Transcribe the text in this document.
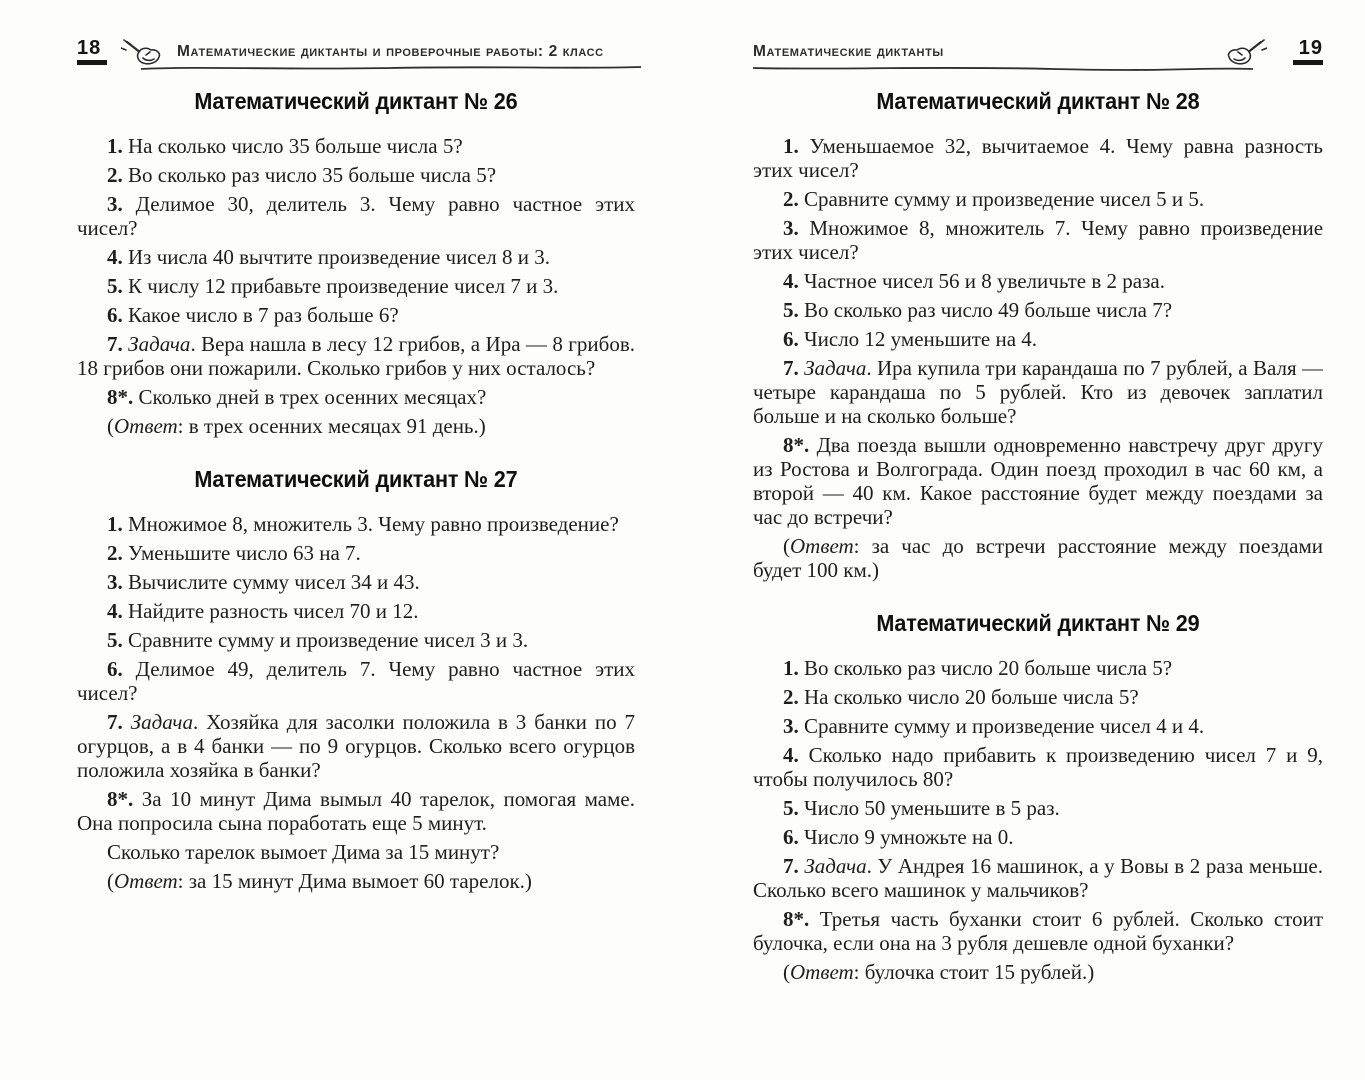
18	Математические диктанты и проверочные работы: 2 класс
Математический диктант № 26

1. На сколько число 35 больше числа 5?

2. Во сколько раз число 35 больше числа 5?

3. Делимое 30, делитель 3. Чему равно частное этих чисел?

4. Из числа 40 вычтите произведение чисел 8 и 3.

5. К числу 12 прибавьте произведение чисел 7 и 3.

6. Какое число в 7 раз больше 6?

7. Задача. Вера нашла в лесу 12 грибов, а Ира — 8 грибов. 18 грибов они пожарили. Сколько грибов у них осталось?

8*. Сколько дней в трех осенних месяцах?

(Ответ: в трех осенних месяцах 91 день.)

Математический диктант № 27

1. Множимое 8, множитель 3. Чему равно произведение?

2. Уменьшите число 63 на 7.

3. Вычислите сумму чисел 34 и 43.

4. Найдите разность чисел 70 и 12.

5. Сравните сумму и произведение чисел 3 и 3.

6. Делимое 49, делитель 7. Чему равно частное этих чисел?

7. Задача. Хозяйка для засолки положила в 3 банки по 7 огурцов, а в 4 банки — по 9 огурцов. Сколько всего огурцов положила хозяйка в банки?

8*. За 10 минут Дима вымыл 40 тарелок, помогая маме. Она попросила сына поработать еще 5 минут.

Сколько тарелок вымоет Дима за 15 минут?

(Ответ: за 15 минут Дима вымоет 60 тарелок.)

Математические диктанты	19
Математический диктант № 28

1. Уменьшаемое 32, вычитаемое 4. Чему равна разность этих чисел?

2. Сравните сумму и произведение чисел 5 и 5.

3. Множимое 8, множитель 7. Чему равно произведение этих чисел?

4. Частное чисел 56 и 8 увеличьте в 2 раза.

5. Во сколько раз число 49 больше числа 7?

6. Число 12 уменьшите на 4.

7. Задача. Ира купила три карандаша по 7 рублей, а Валя — четыре карандаша по 5 рублей. Кто из девочек заплатил больше и на сколько больше?

8*. Два поезда вышли одновременно навстречу друг другу из Ростова и Волгограда. Один поезд проходил в час 60 км, а второй — 40 км. Какое расстояние будет между поездами за час до встречи?

(Ответ: за час до встречи расстояние между поездами будет 100 км.)

Математический диктант № 29

1. Во сколько раз число 20 больше числа 5?

2. На сколько число 20 больше числа 5?

3. Сравните сумму и произведение чисел 4 и 4.

4. Сколько надо прибавить к произведению чисел 7 и 9, чтобы получилось 80?

5. Число 50 уменьшите в 5 раз.

6. Число 9 умножьте на 0.

7. Задача. У Андрея 16 машинок, а у Вовы в 2 раза меньше. Сколько всего машинок у мальчиков?

8*. Третья часть буханки стоит 6 рублей. Сколько стоит булочка, если она на 3 рубля дешевле одной буханки?

(Ответ: булочка стоит 15 рублей.)
